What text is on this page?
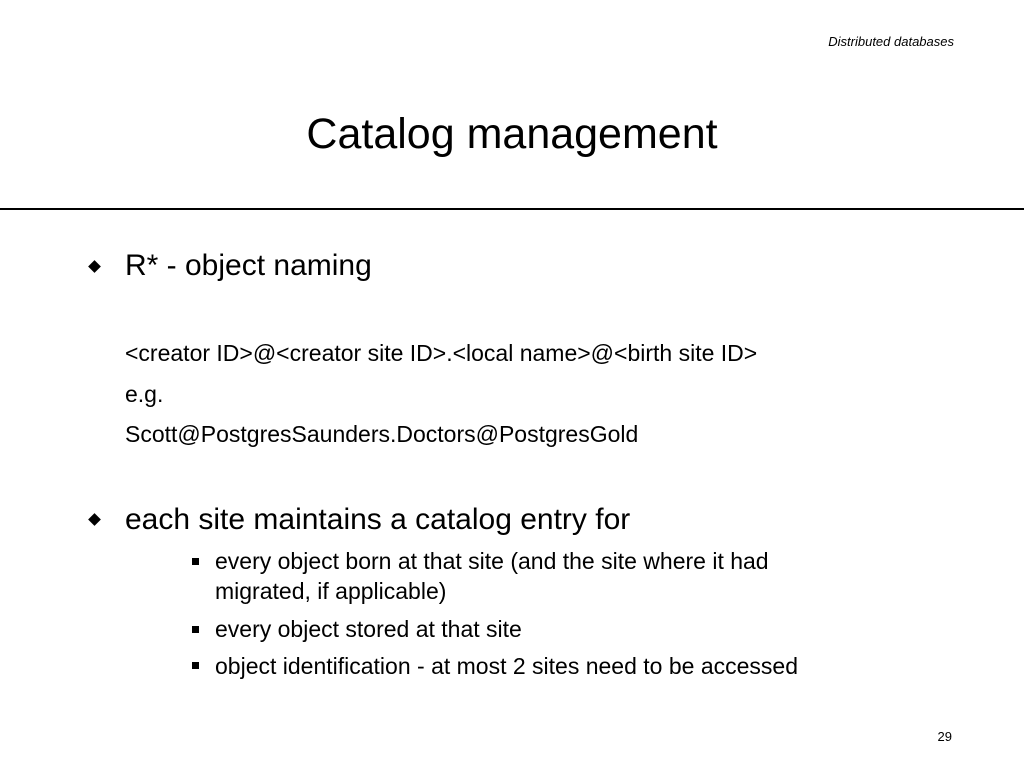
Distributed databases
Catalog management
R* - object naming
<creator ID>@<creator site ID>.<local name>@<birth site ID>
e.g.
Scott@PostgresSaunders.Doctors@PostgresGold
each site maintains a catalog entry for
every object born at that site (and the site where it had
migrated, if applicable)
every object stored at that site
object identification - at most 2 sites need to be accessed
29
